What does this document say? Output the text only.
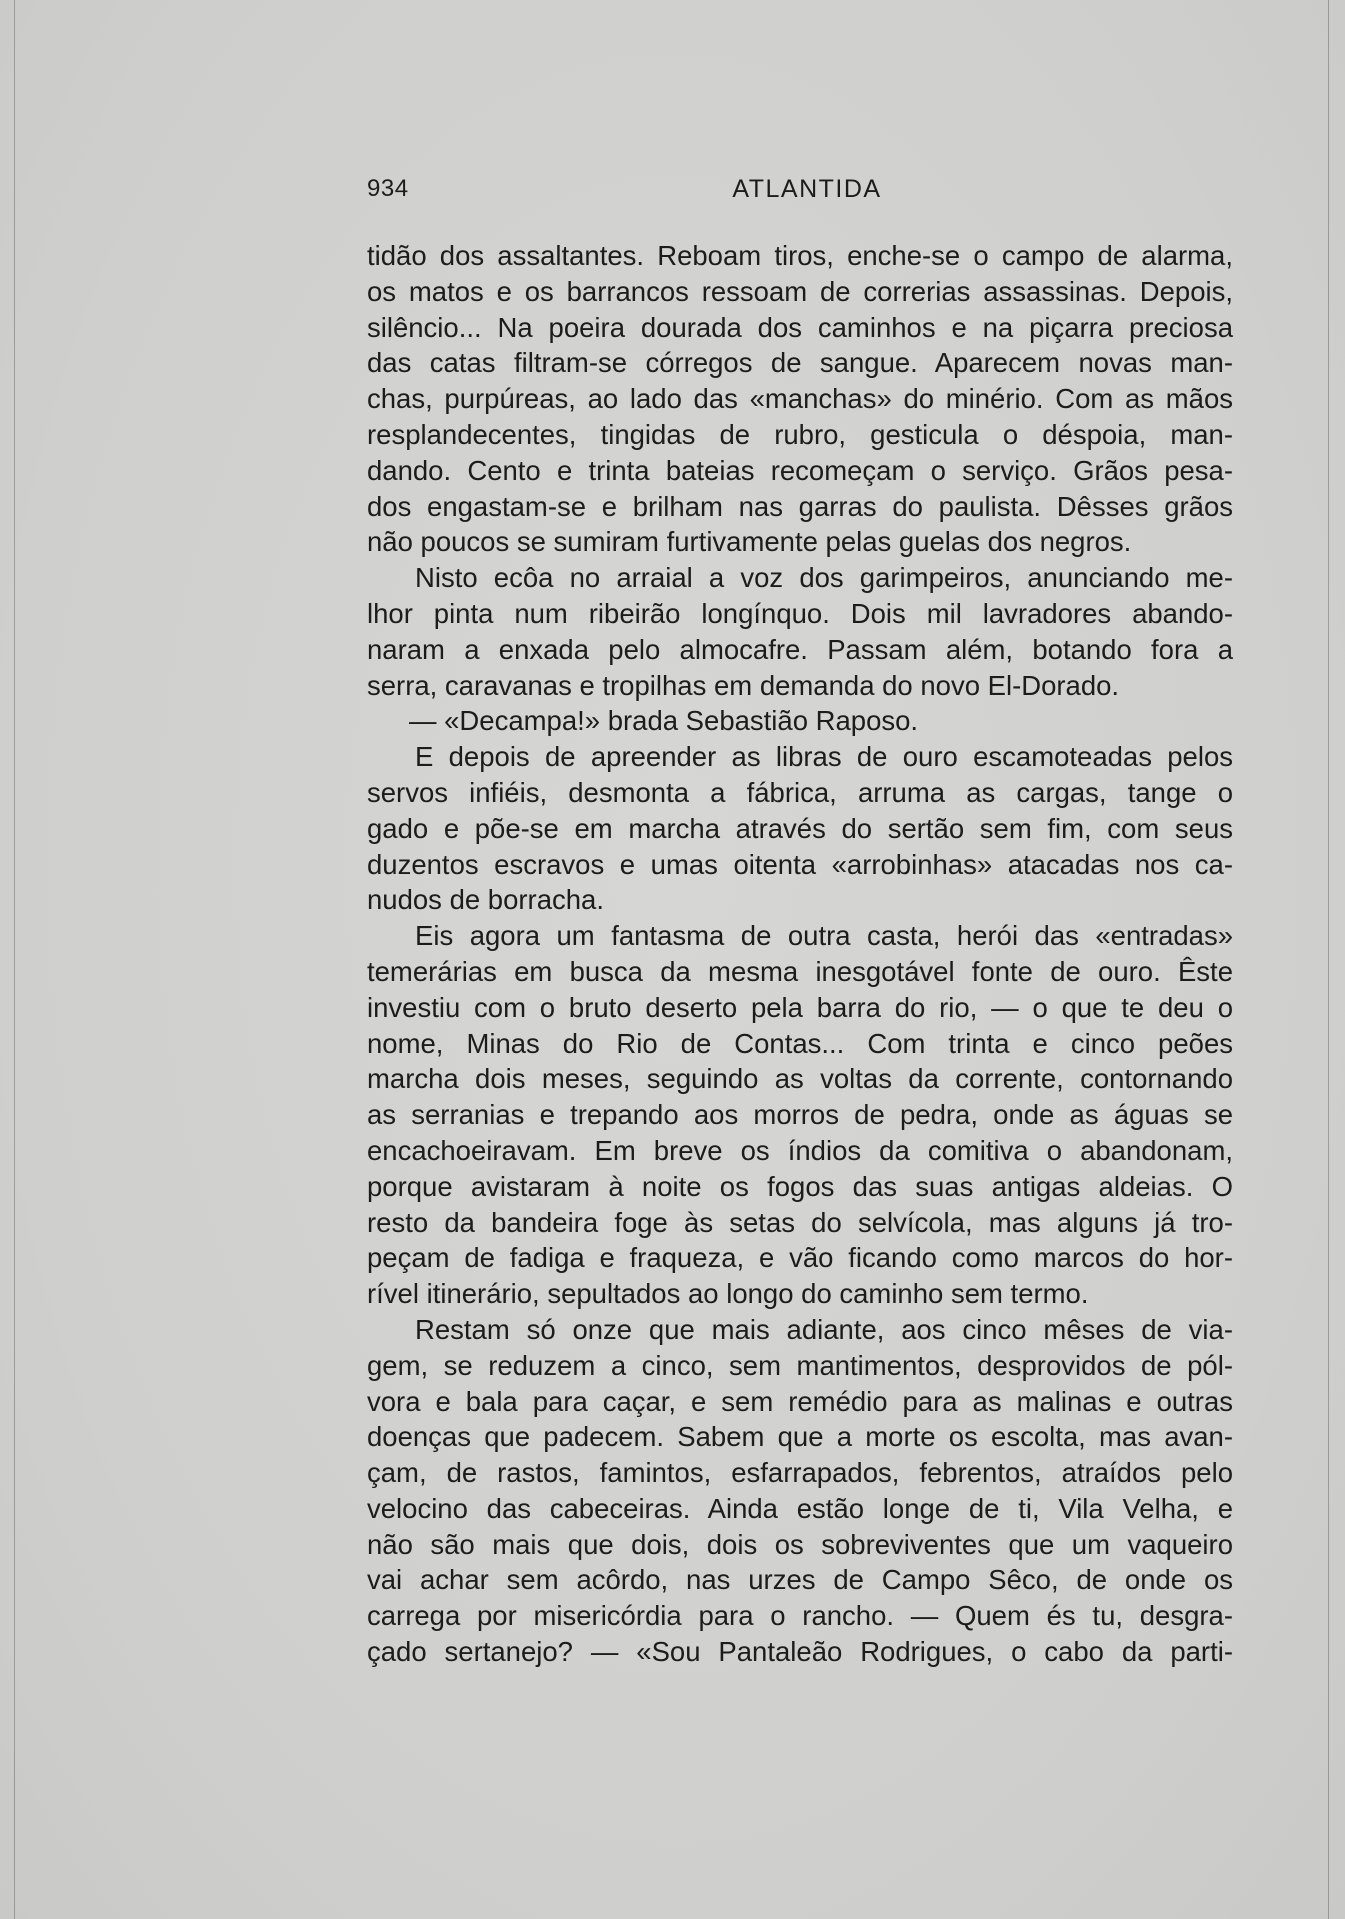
934	ATLANTIDA
tidão dos assaltantes. Reboam tiros, enche-se o campo de alarma,
os matos e os barrancos ressoam de correrias assassinas. Depois,
silêncio... Na poeira dourada dos caminhos e na piçarra preciosa
das catas filtram-se córregos de sangue. Aparecem novas man-
chas, purpúreas, ao lado das «manchas» do minério. Com as mãos
resplandecentes, tingidas de rubro, gesticula o déspoia, man-
dando. Cento e trinta bateias recomeçam o serviço. Grãos pesa-
dos engastam-se e brilham nas garras do paulista. Dêsses grãos
não poucos se sumiram furtivamente pelas guelas dos negros.
Nisto ecôa no arraial a voz dos garimpeiros, anunciando me-
lhor pinta num ribeirão longínquo. Dois mil lavradores abando-
naram a enxada pelo almocafre. Passam além, botando fora a
serra, caravanas e tropilhas em demanda do novo El-Dorado.
— «Decampa!» brada Sebastião Raposo.
E depois de apreender as libras de ouro escamoteadas pelos
servos infiéis, desmonta a fábrica, arruma as cargas, tange o
gado e põe-se em marcha através do sertão sem fim, com seus
duzentos escravos e umas oitenta «arrobinhas» atacadas nos ca-
nudos de borracha.
Eis agora um fantasma de outra casta, herói das «entradas»
temerárias em busca da mesma inesgotável fonte de ouro. Êste
investiu com o bruto deserto pela barra do rio, — o que te deu o
nome, Minas do Rio de Contas... Com trinta e cinco peões
marcha dois meses, seguindo as voltas da corrente, contornando
as serranias e trepando aos morros de pedra, onde as águas se
encachoeiravam. Em breve os índios da comitiva o abandonam,
porque avistaram à noite os fogos das suas antigas aldeias. O
resto da bandeira foge às setas do selvícola, mas alguns já tro-
peçam de fadiga e fraqueza, e vão ficando como marcos do hor-
rível itinerário, sepultados ao longo do caminho sem termo.
Restam só onze que mais adiante, aos cinco mêses de via-
gem, se reduzem a cinco, sem mantimentos, desprovidos de pól-
vora e bala para caçar, e sem remédio para as malinas e outras
doenças que padecem. Sabem que a morte os escolta, mas avan-
çam, de rastos, famintos, esfarrapados, febrentos, atraídos pelo
velocino das cabeceiras. Ainda estão longe de ti, Vila Velha, e
não são mais que dois, dois os sobreviventes que um vaqueiro
vai achar sem acôrdo, nas urzes de Campo Sêco, de onde os
carrega por misericórdia para o rancho. — Quem és tu, desgra-
çado sertanejo? — «Sou Pantaleão Rodrigues, o cabo da parti-
